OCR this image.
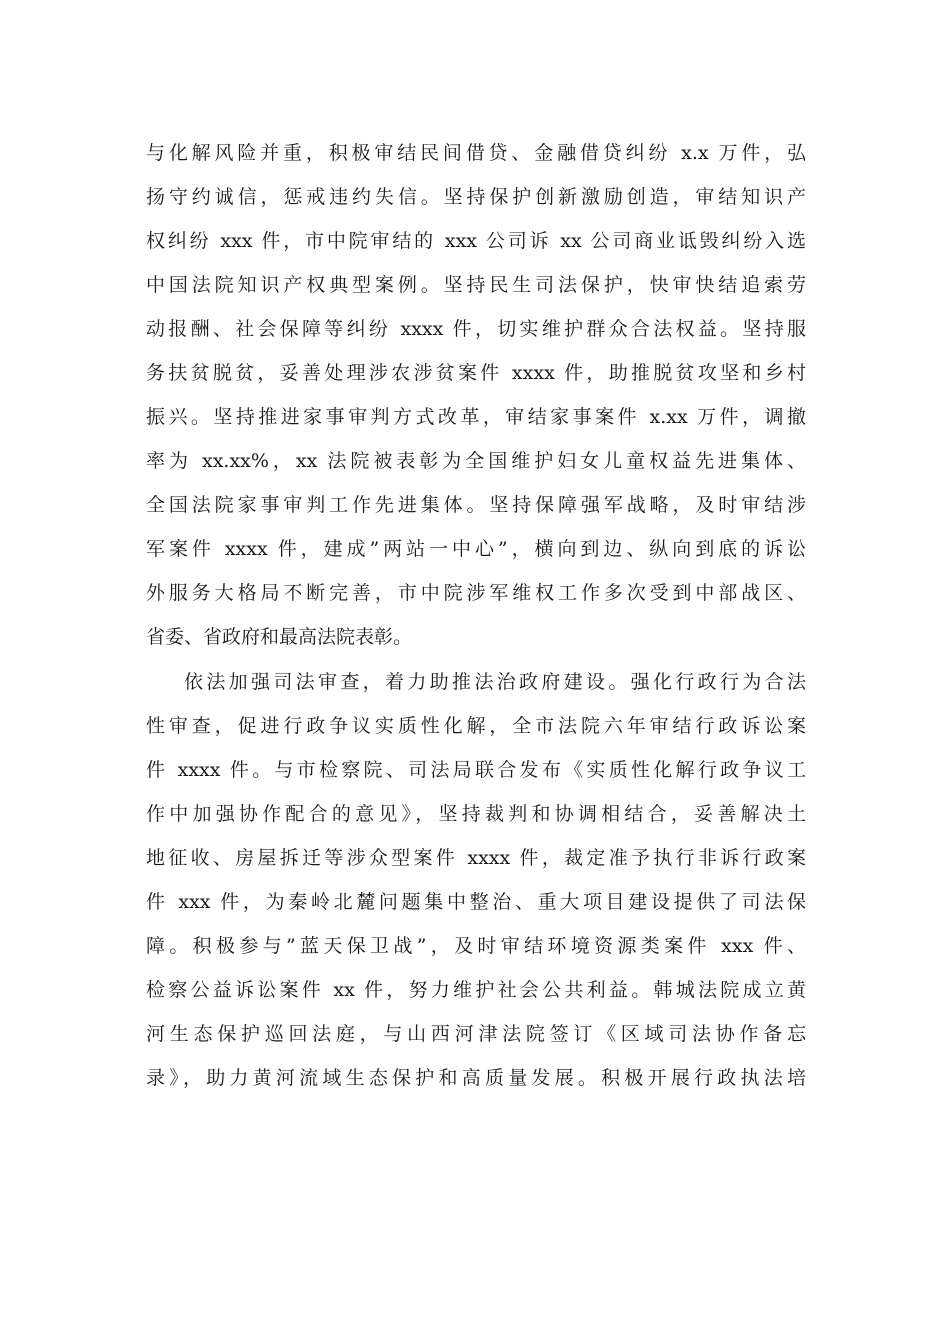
与化解风险并重，积极审结民间借贷、金融借贷纠纷 x.x 万件，弘
扬守约诚信，惩戒违约失信。坚持保护创新激励创造，审结知识产
权纠纷 xxx 件，市中院审结的 xxx 公司诉 xx 公司商业诋毁纠纷入选
中国法院知识产权典型案例。坚持民生司法保护，快审快结追索劳
动报酬、社会保障等纠纷 xxxx 件，切实维护群众合法权益。坚持服
务扶贫脱贫，妥善处理涉农涉贫案件 xxxx 件，助推脱贫攻坚和乡村
振兴。坚持推进家事审判方式改革，审结家事案件 x.xx 万件，调撤
率为 xx.xx%，xx 法院被表彰为全国维护妇女儿童权益先进集体、
全国法院家事审判工作先进集体。坚持保障强军战略，及时审结涉
军案件 xxxx 件，建成”两站一中心”，横向到边、纵向到底的诉讼
外服务大格局不断完善，市中院涉军维权工作多次受到中部战区、
省委、省政府和最高法院表彰。
依法加强司法审查，着力助推法治政府建设。强化行政行为合法
性审查，促进行政争议实质性化解，全市法院六年审结行政诉讼案
件 xxxx 件。与市检察院、司法局联合发布《实质性化解行政争议工
作中加强协作配合的意见》，坚持裁判和协调相结合，妥善解决土
地征收、房屋拆迁等涉众型案件 xxxx 件，裁定准予执行非诉行政案
件 xxx 件，为秦岭北麓问题集中整治、重大项目建设提供了司法保
障。积极参与”蓝天保卫战”，及时审结环境资源类案件 xxx 件、
检察公益诉讼案件 xx 件，努力维护社会公共利益。韩城法院成立黄
河生态保护巡回法庭，与山西河津法院签订《区域司法协作备忘
录》，助力黄河流域生态保护和高质量发展。积极开展行政执法培
